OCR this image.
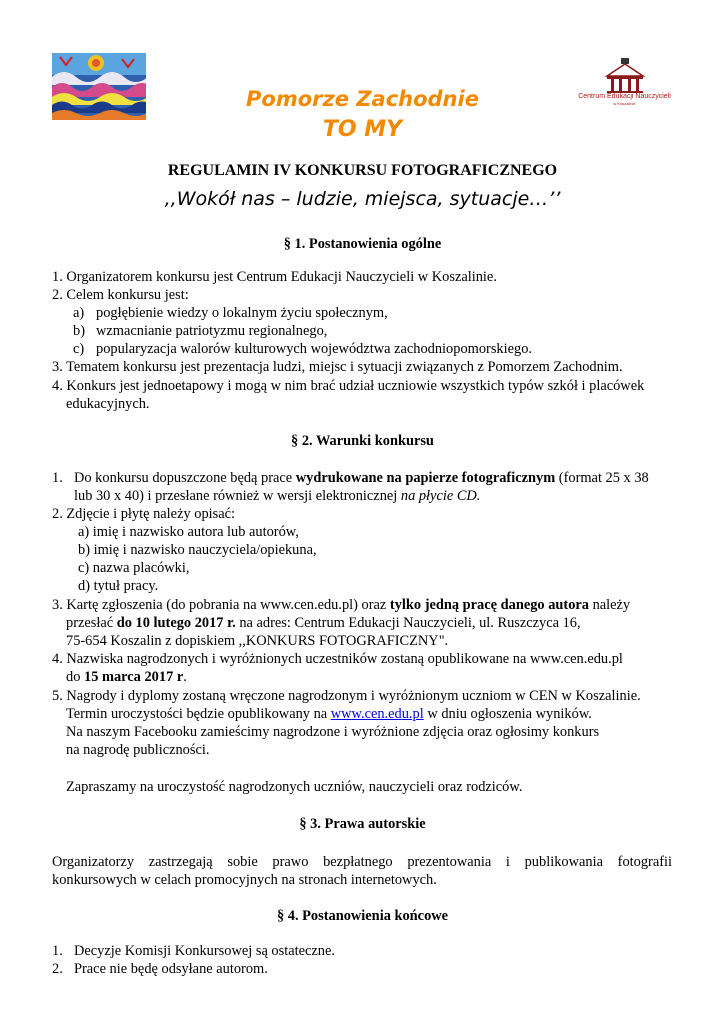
Centrum Edukacji Nauczycieli
w Koszalinie
Pomorze Zachodnie
TO MY
REGULAMIN IV KONKURSU FOTOGRAFICZNEGO
,,Wokół nas – ludzie, miejsca, sytuacje…’’
§ 1. Postanowienia ogólne
1. Organizatorem konkursu jest Centrum Edukacji Nauczycieli w Koszalinie.
2. Celem konkursu jest:
a) pogłębienie wiedzy o lokalnym życiu społecznym,
b) wzmacnianie patriotyzmu regionalnego,
c) popularyzacja walorów kulturowych województwa zachodniopomorskiego.
3. Tematem konkursu jest prezentacja ludzi, miejsc i sytuacji związanych z Pomorzem Zachodnim.
4. Konkurs jest jednoetapowy i mogą w nim brać udział uczniowie wszystkich typów szkół i placówek
edukacyjnych.
§ 2. Warunki konkursu
1. Do konkursu dopuszczone będą prace wydrukowane na papierze fotograficznym (format 25 x 38
lub 30 x 40) i przesłane również w wersji elektronicznej na płycie CD.
2. Zdjęcie i płytę należy opisać:
a) imię i nazwisko autora lub autorów,
b) imię i nazwisko nauczyciela/opiekuna,
c) nazwa placówki,
d) tytuł pracy.
3. Kartę zgłoszenia (do pobrania na www.cen.edu.pl) oraz tylko jedną pracę danego autora należy
przesłać do 10 lutego 2017 r. na adres: Centrum Edukacji Nauczycieli, ul. Ruszczyca 16,
75-654 Koszalin z dopiskiem ,,KONKURS FOTOGRAFICZNY".
4. Nazwiska nagrodzonych i wyróżnionych uczestników zostaną opublikowane na www.cen.edu.pl
do 15 marca 2017 r.
5. Nagrody i dyplomy zostaną wręczone nagrodzonym i wyróżnionym uczniom w CEN w Koszalinie.
Termin uroczystości będzie opublikowany na www.cen.edu.pl w dniu ogłoszenia wyników.
Na naszym Facebooku zamieścimy nagrodzone i wyróżnione zdjęcia oraz ogłosimy konkurs
na nagrodę publiczności.
Zapraszamy na uroczystość nagrodzonych uczniów, nauczycieli oraz rodziców.
§ 3. Prawa autorskie
Organizatorzy zastrzegają sobie prawo bezpłatnego prezentowania i publikowania fotografii
konkursowych w celach promocyjnych na stronach internetowych.
§ 4. Postanowienia końcowe
1. Decyzje Komisji Konkursowej są ostateczne.
2. Prace nie będę odsyłane autorom.
